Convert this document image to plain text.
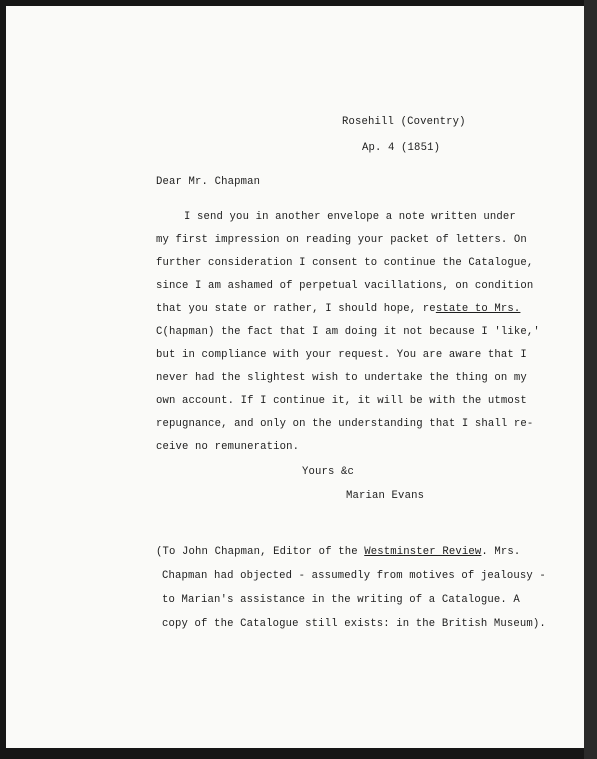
Rosehill (Coventry)

Ap. 4 (1851)

Dear Mr. Chapman

I send you in another envelope a note written under

my first impression on reading your packet of letters. On

further consideration I consent to continue the Catalogue,

since I am ashamed of perpetual vacillations, on condition

that you state or rather, I should hope, restate to Mrs.

C(hapman) the fact that I am doing it not because I 'like,'

but in compliance with your request. You are aware that I

never had the slightest wish to undertake the thing on my

own account. If I continue it, it will be with the utmost

repugnance, and only on the understanding that I shall re-

ceive no remuneration.

Yours &c

Marian Evans

(To John Chapman, Editor of the Westminster Review. Mrs.

Chapman had objected - assumedly from motives of jealousy -

to Marian's assistance in the writing of a Catalogue. A

copy of the Catalogue still exists: in the British Museum).
